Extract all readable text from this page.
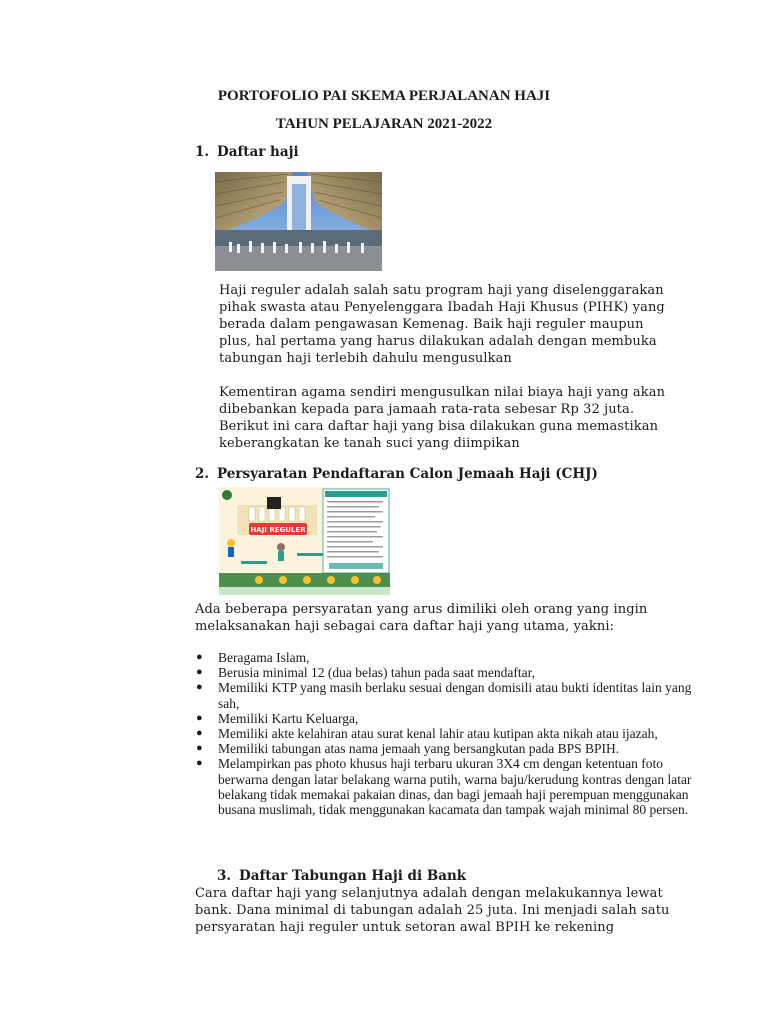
PORTOFOLIO PAI SKEMA PERJALANAN HAJI
TAHUN PELAJARAN 2021-2022
1. Daftar haji

Haji reguler adalah salah satu program haji yang diselenggarakan pihak swasta atau Penyelenggara Ibadah Haji Khusus (PIHK) yang berada dalam pengawasan Kemenag. Baik haji reguler maupun plus, hal pertama yang harus dilakukan adalah dengan membuka tabungan haji terlebih dahulu mengusulkan

Kementiran agama sendiri mengusulkan nilai biaya haji yang akan dibebankan kepada para jamaah rata-rata sebesar Rp 32 juta. Berikut ini cara daftar haji yang bisa dilakukan guna memastikan keberangkatan ke tanah suci yang diimpikan

2. Persyaratan Pendaftaran Calon Jemaah Haji (CHJ)
HAJI REGULER
Ada beberapa persyaratan yang arus dimiliki oleh orang yang ingin melaksanakan haji sebagai cara daftar haji yang utama, yakni:
● Beragama Islam,
● Berusia minimal 12 (dua belas) tahun pada saat mendaftar,
● Memiliki KTP yang masih berlaku sesuai dengan domisili atau bukti identitas lain yang sah,
● Memiliki Kartu Keluarga,
● Memiliki akte kelahiran atau surat kenal lahir atau kutipan akta nikah atau ijazah,
● Memiliki tabungan atas nama jemaah yang bersangkutan pada BPS BPIH.
● Melampirkan pas photo khusus haji terbaru ukuran 3X4 cm dengan ketentuan foto berwarna dengan latar belakang warna putih, warna baju/kerudung kontras dengan latar belakang tidak memakai pakaian dinas, dan bagi jemaah haji perempuan menggunakan busana muslimah, tidak menggunakan kacamata dan tampak wajah minimal 80 persen.
3. Daftar Tabungan Haji di Bank
Cara daftar haji yang selanjutnya adalah dengan melakukannya lewat bank. Dana minimal di tabungan adalah 25 juta. Ini menjadi salah satu persyaratan haji reguler untuk setoran awal BPIH ke rekening
